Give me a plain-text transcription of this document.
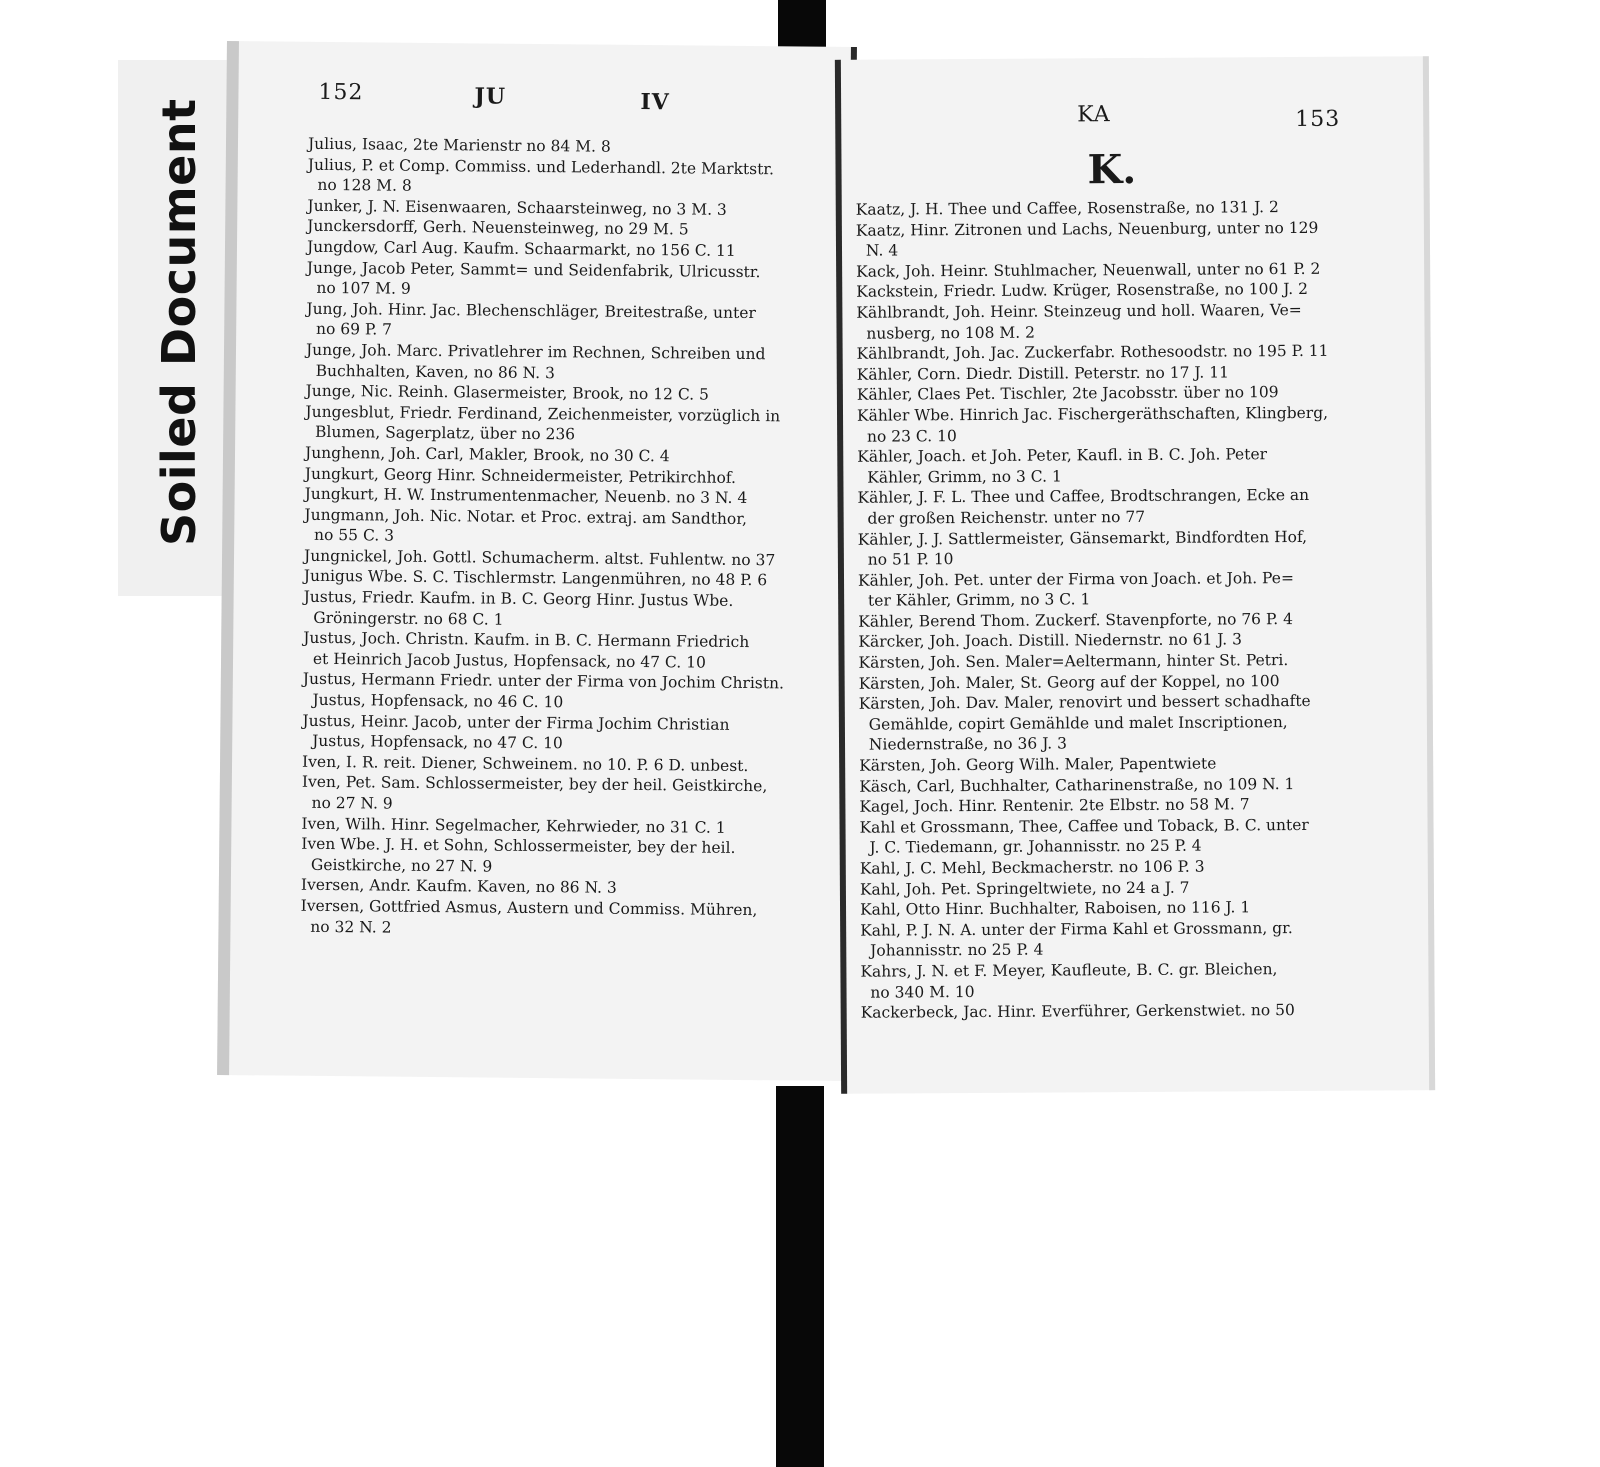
Soiled Document
152	JU	IV
Julius, Isaac, 2te Marienstr no 84 M. 8
Julius, P. et Comp. Commiss. und Lederhandl. 2te Marktstr.
no 128 M. 8
Junker, J. N. Eisenwaaren, Schaarsteinweg, no 3 M. 3
Junckersdorff, Gerh. Neuensteinweg, no 29 M. 5
Jungdow, Carl Aug. Kaufm. Schaarmarkt, no 156 C. 11
Junge, Jacob Peter, Sammt= und Seidenfabrik, Ulricusstr.
no 107 M. 9
Jung, Joh. Hinr. Jac. Blechenschläger, Breitestraße, unter
no 69 P. 7
Junge, Joh. Marc. Privatlehrer im Rechnen, Schreiben und
Buchhalten, Kaven, no 86 N. 3
Junge, Nic. Reinh. Glasermeister, Brook, no 12 C. 5
Jungesblut, Friedr. Ferdinand, Zeichenmeister, vorzüglich in
Blumen, Sagerplatz, über no 236
Junghenn, Joh. Carl, Makler, Brook, no 30 C. 4
Jungkurt, Georg Hinr. Schneidermeister, Petrikirchhof.
Jungkurt, H. W. Instrumentenmacher, Neuenb. no 3 N. 4
Jungmann, Joh. Nic. Notar. et Proc. extraj. am Sandthor,
no 55 C. 3
Jungnickel, Joh. Gottl. Schumacherm. altst. Fuhlentw. no 37
Junigus Wbe. S. C. Tischlermstr. Langenmühren, no 48 P. 6
Justus, Friedr. Kaufm. in B. C. Georg Hinr. Justus Wbe.
Gröningerstr. no 68 C. 1
Justus, Joch. Christn. Kaufm. in B. C. Hermann Friedrich
et Heinrich Jacob Justus, Hopfensack, no 47 C. 10
Justus, Hermann Friedr. unter der Firma von Jochim Christn.
Justus, Hopfensack, no 46 C. 10
Justus, Heinr. Jacob, unter der Firma Jochim Christian
Justus, Hopfensack, no 47 C. 10
Iven, I. R. reit. Diener, Schweinem. no 10. P. 6 D. unbest.
Iven, Pet. Sam. Schlossermeister, bey der heil. Geistkirche,
no 27 N. 9
Iven, Wilh. Hinr. Segelmacher, Kehrwieder, no 31 C. 1
Iven Wbe. J. H. et Sohn, Schlossermeister, bey der heil.
Geistkirche, no 27 N. 9
Iversen, Andr. Kaufm. Kaven, no 86 N. 3
Iversen, Gottfried Asmus, Austern und Commiss. Mühren,
no 32 N. 2
KA	153
K.
Kaatz, J. H. Thee und Caffee, Rosenstraße, no 131 J. 2
Kaatz, Hinr. Zitronen und Lachs, Neuenburg, unter no 129
N. 4
Kack, Joh. Heinr. Stuhlmacher, Neuenwall, unter no 61 P. 2
Kackstein, Friedr. Ludw. Krüger, Rosenstraße, no 100 J. 2
Kählbrandt, Joh. Heinr. Steinzeug und holl. Waaren, Ve=
nusberg, no 108 M. 2
Kählbrandt, Joh. Jac. Zuckerfabr. Rothesoodstr. no 195 P. 11
Kähler, Corn. Diedr. Distill. Peterstr. no 17 J. 11
Kähler, Claes Pet. Tischler, 2te Jacobsstr. über no 109
Kähler Wbe. Hinrich Jac. Fischergeräthschaften, Klingberg,
no 23 C. 10
Kähler, Joach. et Joh. Peter, Kaufl. in B. C. Joh. Peter
Kähler, Grimm, no 3 C. 1
Kähler, J. F. L. Thee und Caffee, Brodtschrangen, Ecke an
der großen Reichenstr. unter no 77
Kähler, J. J. Sattlermeister, Gänsemarkt, Bindfordten Hof,
no 51 P. 10
Kähler, Joh. Pet. unter der Firma von Joach. et Joh. Pe=
ter Kähler, Grimm, no 3 C. 1
Kähler, Berend Thom. Zuckerf. Stavenpforte, no 76 P. 4
Kärcker, Joh. Joach. Distill. Niedernstr. no 61 J. 3
Kärsten, Joh. Sen. Maler=Aeltermann, hinter St. Petri.
Kärsten, Joh. Maler, St. Georg auf der Koppel, no 100
Kärsten, Joh. Dav. Maler, renovirt und bessert schadhafte
Gemählde, copirt Gemählde und malet Inscriptionen,
Niedernstraße, no 36 J. 3
Kärsten, Joh. Georg Wilh. Maler, Papentwiete
Käsch, Carl, Buchhalter, Catharinenstraße, no 109 N. 1
Kagel, Joch. Hinr. Rentenir. 2te Elbstr. no 58 M. 7
Kahl et Grossmann, Thee, Caffee und Toback, B. C. unter
J. C. Tiedemann, gr. Johannisstr. no 25 P. 4
Kahl, J. C. Mehl, Beckmacherstr. no 106 P. 3
Kahl, Joh. Pet. Springeltwiete, no 24 a J. 7
Kahl, Otto Hinr. Buchhalter, Raboisen, no 116 J. 1
Kahl, P. J. N. A. unter der Firma Kahl et Grossmann, gr.
Johannisstr. no 25 P. 4
Kahrs, J. N. et F. Meyer, Kaufleute, B. C. gr. Bleichen,
no 340 M. 10
Kackerbeck, Jac. Hinr. Everführer, Gerkenstwiet. no 50
